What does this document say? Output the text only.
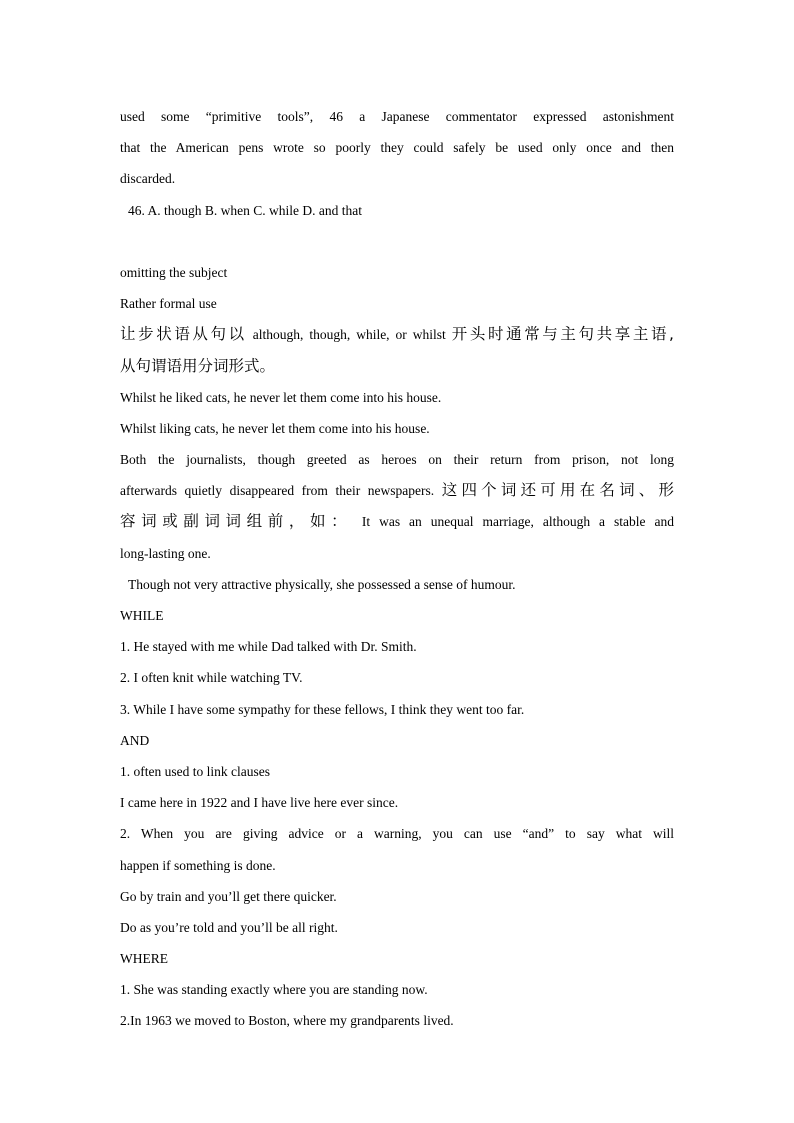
used some “primitive tools”, 46 a Japanese commentator expressed astonishment
that the American pens wrote so poorly they could safely be used only once and then
discarded.
46. A. though B. when C. while D. and that
omitting the subject
Rather formal use
让步状语从句以 although, though, while, or whilst 开头时通常与主句共享主语,
从句谓语用分词形式。
Whilst he liked cats, he never let them come into his house.
Whilst liking cats, he never let them come into his house.
Both the journalists, though greeted as heroes on their return from prison, not long
afterwards quietly disappeared from their newspapers. 这四个词还可用在名词、形
容词或副词词组前，如： It was an unequal marriage, although a stable and
long-lasting one.
Though not very attractive physically, she possessed a sense of humour.
WHILE
1. He stayed with me while Dad talked with Dr. Smith.
2. I often knit while watching TV.
3. While I have some sympathy for these fellows, I think they went too far.
AND
1. often used to link clauses
I came here in 1922 and I have live here ever since.
2. When you are giving advice or a warning, you can use “and” to say what will
happen if something is done.
Go by train and you’ll get there quicker.
Do as you’re told and you’ll be all right.
WHERE
1. She was standing exactly where you are standing now.
2.In 1963 we moved to Boston, where my grandparents lived.
